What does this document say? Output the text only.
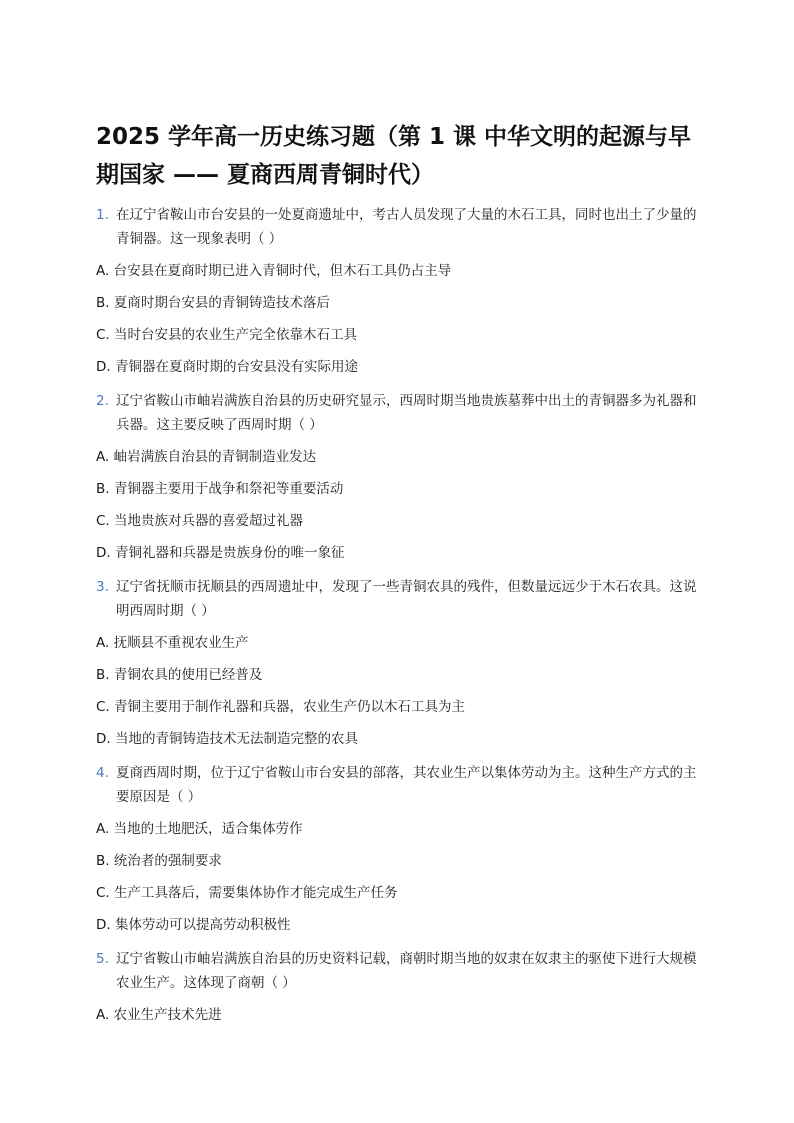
2025 学年高一历史练习题（第 1 课 中华文明的起源与早期国家 —— 夏商西周青铜时代）
1. 在辽宁省鞍山市台安县的一处夏商遗址中，考古人员发现了大量的木石工具，同时也出土了少量的青铜器。这一现象表明（ ）
A. 台安县在夏商时期已进入青铜时代，但木石工具仍占主导
B. 夏商时期台安县的青铜铸造技术落后
C. 当时台安县的农业生产完全依靠木石工具
D. 青铜器在夏商时期的台安县没有实际用途
2. 辽宁省鞍山市岫岩满族自治县的历史研究显示，西周时期当地贵族墓葬中出土的青铜器多为礼器和兵器。这主要反映了西周时期（ ）
A. 岫岩满族自治县的青铜制造业发达
B. 青铜器主要用于战争和祭祀等重要活动
C. 当地贵族对兵器的喜爱超过礼器
D. 青铜礼器和兵器是贵族身份的唯一象征
3. 辽宁省抚顺市抚顺县的西周遗址中，发现了一些青铜农具的残件，但数量远远少于木石农具。这说明西周时期（ ）
A. 抚顺县不重视农业生产
B. 青铜农具的使用已经普及
C. 青铜主要用于制作礼器和兵器，农业生产仍以木石工具为主
D. 当地的青铜铸造技术无法制造完整的农具
4. 夏商西周时期，位于辽宁省鞍山市台安县的部落，其农业生产以集体劳动为主。这种生产方式的主要原因是（ ）
A. 当地的土地肥沃，适合集体劳作
B. 统治者的强制要求
C. 生产工具落后，需要集体协作才能完成生产任务
D. 集体劳动可以提高劳动积极性
5. 辽宁省鞍山市岫岩满族自治县的历史资料记载，商朝时期当地的奴隶在奴隶主的驱使下进行大规模农业生产。这体现了商朝（ ）
A. 农业生产技术先进
